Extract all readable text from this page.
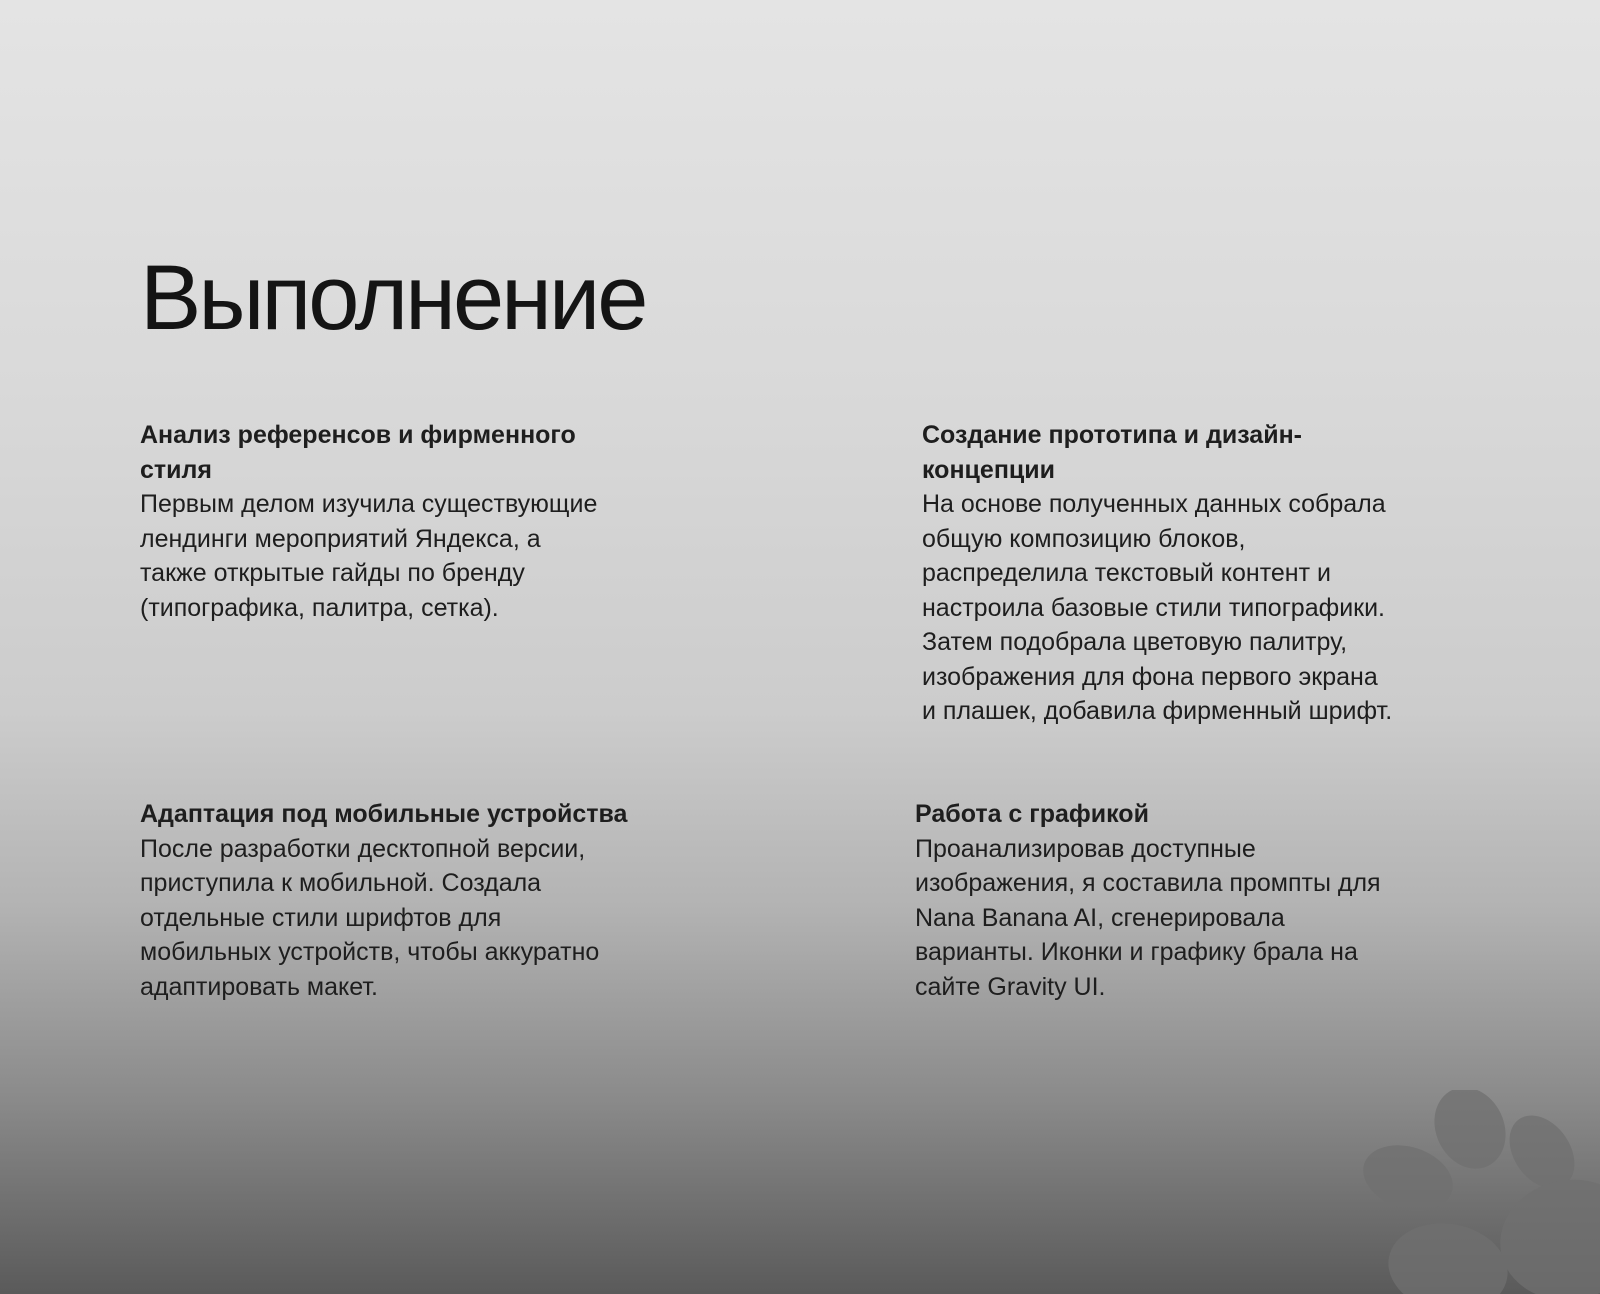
Выполнение
Анализ референсов и фирменного
стиля
Первым делом изучила существующие
лендинги мероприятий Яндекса, а
также открытые гайды по бренду
(типографика, палитра, сетка).
Создание прототипа и дизайн-
концепции
На основе полученных данных собрала
общую композицию блоков,
распределила текстовый контент и
настроила базовые стили типографики.
Затем подобрала цветовую палитру,
изображения для фона первого экрана
и плашек, добавила фирменный шрифт.
Адаптация под мобильные устройства
После разработки десктопной версии,
приступила к мобильной. Создала
отдельные стили шрифтов для
мобильных устройств, чтобы аккуратно
адаптировать макет.
Работа с графикой
Проанализировав доступные
изображения, я составила промпты для
Nana Banana AI, сгенерировала
варианты. Иконки и графику брала на
сайте Gravity UI.
